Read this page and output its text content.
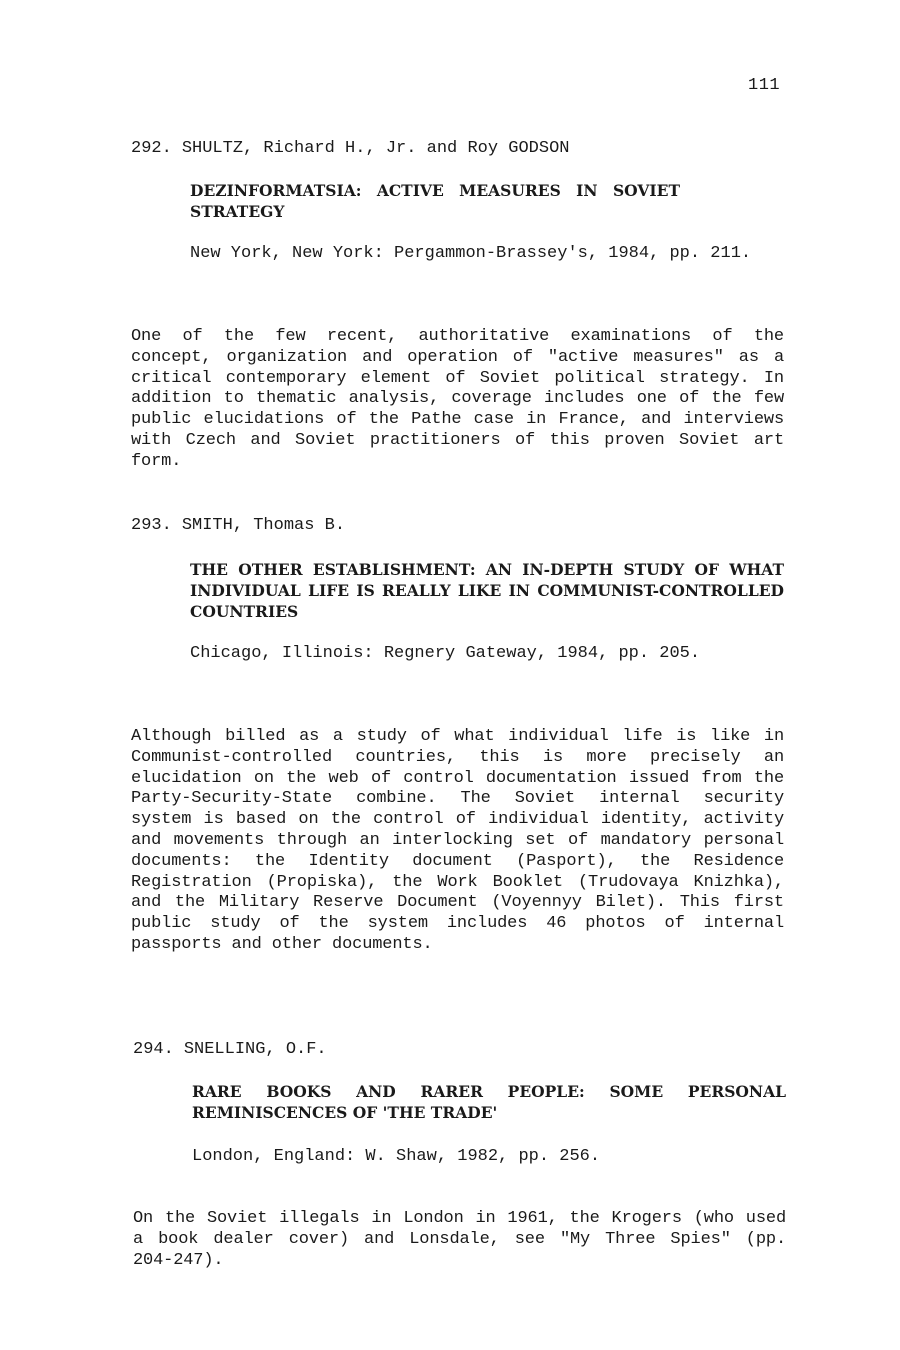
111
292. SHULTZ, Richard H., Jr. and Roy GODSON
DEZINFORMATSIA: ACTIVE MEASURES IN SOVIET STRATEGY
New York, New York: Pergammon-Brassey's, 1984, pp. 211.
One of the few recent, authoritative examinations of the concept, organization and operation of "active measures" as a critical contemporary element of Soviet political strategy. In addition to thematic analysis, coverage includes one of the few public elucidations of the Pathe case in France, and interviews with Czech and Soviet practitioners of this proven Soviet art form.
293. SMITH, Thomas B.
THE OTHER ESTABLISHMENT: AN IN-DEPTH STUDY OF WHAT INDIVIDUAL LIFE IS REALLY LIKE IN COMMUNIST-CONTROLLED COUNTRIES
Chicago, Illinois: Regnery Gateway, 1984, pp. 205.
Although billed as a study of what individual life is like in Communist-controlled countries, this is more precisely an elucidation on the web of control documentation issued from the Party-Security-State combine. The Soviet internal security system is based on the control of individual identity, activity and movements through an interlocking set of mandatory personal documents: the Identity document (Pasport), the Residence Registration (Propiska), the Work Booklet (Trudovaya Knizhka), and the Military Reserve Document (Voyennyy Bilet). This first public study of the system includes 46 photos of internal passports and other documents.
294. SNELLING, O.F.
RARE BOOKS AND RARER PEOPLE: SOME PERSONAL REMINISCENCES OF 'THE TRADE'
London, England: W. Shaw, 1982, pp. 256.
On the Soviet illegals in London in 1961, the Krogers (who used a book dealer cover) and Lonsdale, see "My Three Spies" (pp. 204-247).
